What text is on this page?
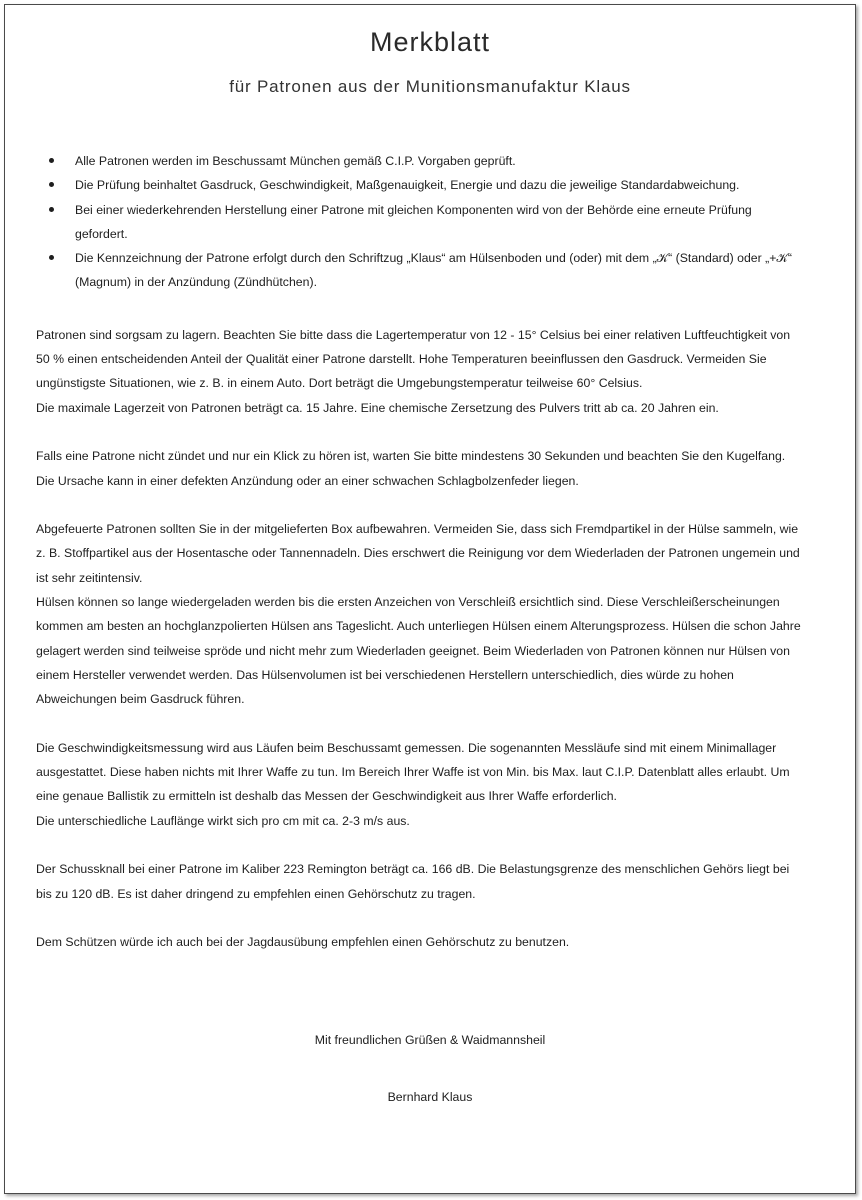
Merkblatt
für Patronen aus der Munitionsmanufaktur Klaus
Alle Patronen werden im Beschussamt München gemäß C.I.P. Vorgaben geprüft.
Die Prüfung beinhaltet Gasdruck, Geschwindigkeit, Maßgenauigkeit, Energie und dazu die jeweilige Standardabweichung.
Bei einer wiederkehrenden Herstellung einer Patrone mit gleichen Komponenten wird von der Behörde eine erneute Prüfung gefordert.
Die Kennzeichnung der Patrone erfolgt durch den Schriftzug „Klaus“ am Hülsenboden und (oder) mit dem „𝒦“ (Standard) oder „+𝒦“ (Magnum) in der Anzündung (Zündhütchen).

Patronen sind sorgsam zu lagern. Beachten Sie bitte dass die Lagertemperatur von 12 - 15° Celsius bei einer relativen Luftfeuchtigkeit von 50 % einen entscheidenden Anteil der Qualität einer Patrone darstellt. Hohe Temperaturen beeinflussen den Gasdruck. Vermeiden Sie ungünstigste Situationen, wie z. B. in einem Auto. Dort beträgt die Umgebungstemperatur teilweise 60° Celsius.

Die maximale Lagerzeit von Patronen beträgt ca. 15 Jahre. Eine chemische Zersetzung des Pulvers tritt ab ca. 20 Jahren ein.

Falls eine Patrone nicht zündet und nur ein Klick zu hören ist, warten Sie bitte mindestens 30 Sekunden und beachten Sie den Kugelfang. Die Ursache kann in einer defekten Anzündung oder an einer schwachen Schlagbolzenfeder liegen.

Abgefeuerte Patronen sollten Sie in der mitgelieferten Box aufbewahren. Vermeiden Sie, dass sich Fremdpartikel in der Hülse sammeln, wie z. B. Stoffpartikel aus der Hosentasche oder Tannennadeln. Dies erschwert die Reinigung vor dem Wiederladen der Patronen ungemein und ist sehr zeitintensiv.

Hülsen können so lange wiedergeladen werden bis die ersten Anzeichen von Verschleiß ersichtlich sind. Diese Verschleißerscheinungen kommen am besten an hochglanzpolierten Hülsen ans Tageslicht. Auch unterliegen Hülsen einem Alterungsprozess. Hülsen die schon Jahre gelagert werden sind teilweise spröde und nicht mehr zum Wiederladen geeignet. Beim Wiederladen von Patronen können nur Hülsen von einem Hersteller verwendet werden. Das Hülsenvolumen ist bei verschiedenen Herstellern unterschiedlich, dies würde zu hohen Abweichungen beim Gasdruck führen.

Die Geschwindigkeitsmessung wird aus Läufen beim Beschussamt gemessen. Die sogenannten Messläufe sind mit einem Minimallager ausgestattet. Diese haben nichts mit Ihrer Waffe zu tun. Im Bereich Ihrer Waffe ist von Min. bis Max. laut C.I.P. Datenblatt alles erlaubt. Um eine genaue Ballistik zu ermitteln ist deshalb das Messen der Geschwindigkeit aus Ihrer Waffe erforderlich.

Die unterschiedliche Lauflänge wirkt sich pro cm mit ca. 2-3 m/s aus.

Der Schussknall bei einer Patrone im Kaliber 223 Remington beträgt ca. 166 dB. Die Belastungsgrenze des menschlichen Gehörs liegt bei bis zu 120 dB. Es ist daher dringend zu empfehlen einen Gehörschutz zu tragen.

Dem Schützen würde ich auch bei der Jagdausübung empfehlen einen Gehörschutz zu benutzen.

Mit freundlichen Grüßen & Waidmannsheil

Bernhard Klaus
